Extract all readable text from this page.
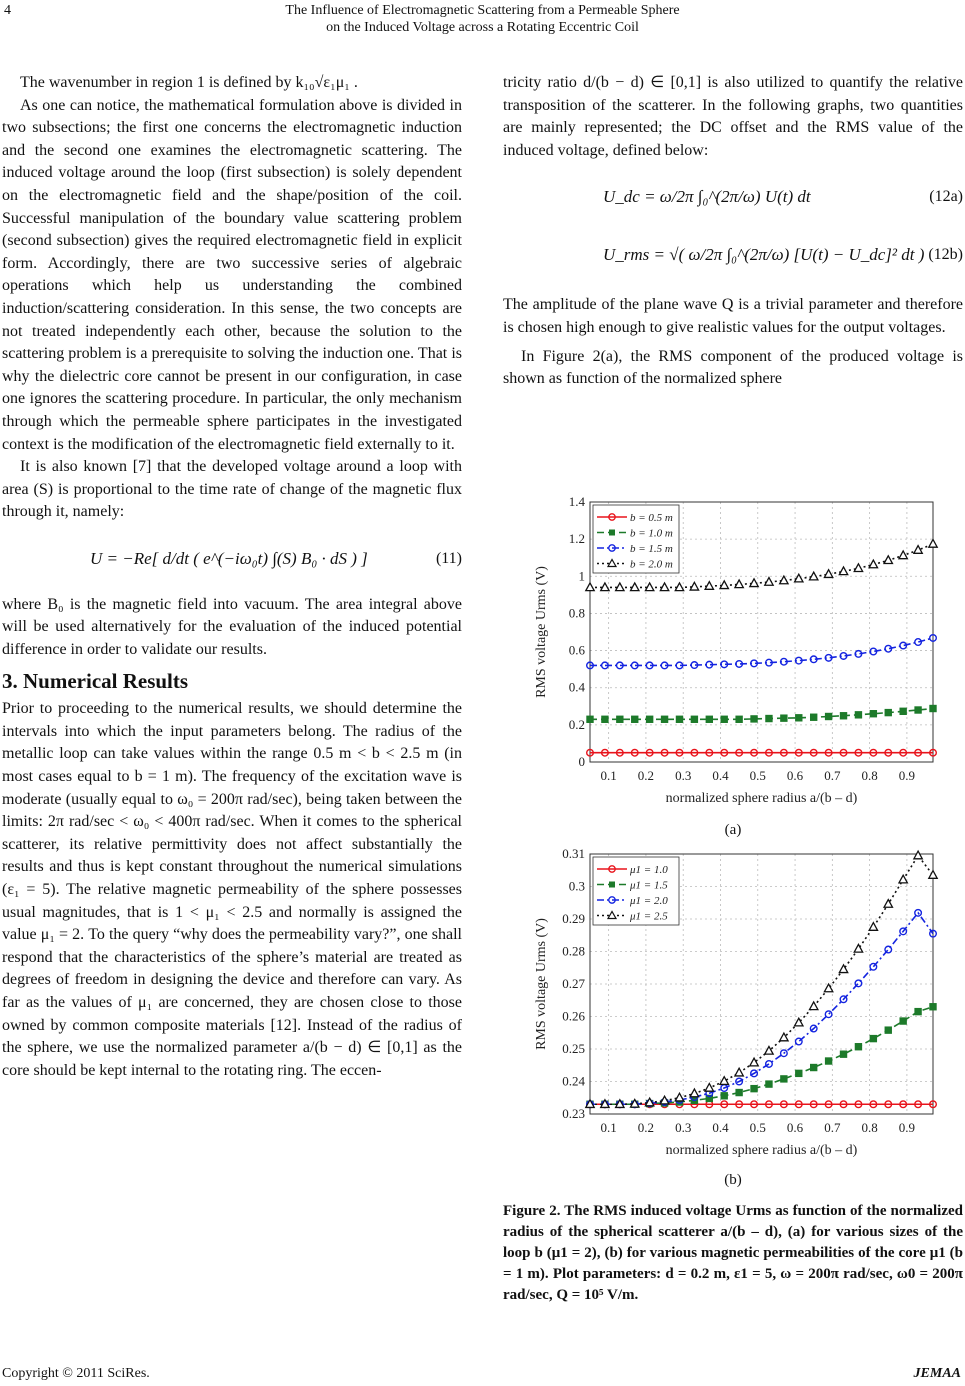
4	The Influence of Electromagnetic Scattering from a Permeable Sphere
on the Induced Voltage across a Rotating Eccentric Coil

The wavenumber in region 1 is defined by k₁₀√ε₁μ₁ .

As one can notice, the mathematical formulation above is divided in two subsections; the first one concerns the electromagnetic induction and the second one examines the electromagnetic scattering. The induced voltage around the loop (first subsection) is solely dependent on the electromagnetic field and the shape/position of the coil. Successful manipulation of the boundary value scattering problem (second subsection) gives the required electromagnetic field in explicit form. Accordingly, there are two successive series of algebraic operations which help us understanding the combined induction/scattering consideration. In this sense, the two concepts are not treated independently each other, because the solution to the scattering problem is a prerequisite to solving the induction one. That is why the dielectric core cannot be present in our configuration, in case one ignores the scattering procedure. In particular, the only mechanism through which the permeable sphere participates in the investigated context is the modification of the electromagnetic field externally to it.

It is also known [7] that the developed voltage around a loop with area (S) is proportional to the time rate of change of the magnetic flux through it, namely:

U = −Re[ d/dt ( e^(−iω₀t) ∫(S) B₀ · dS ) ]	(11)

where B₀ is the magnetic field into vacuum. The area integral above will be used alternatively for the evaluation of the induced potential difference in order to validate our results.

3. Numerical Results

Prior to proceeding to the numerical results, we should determine the intervals into which the input parameters belong. The radius of the metallic loop can take values within the range 0.5 m < b < 2.5 m (in most cases equal to b = 1 m). The frequency of the excitation wave is moderate (usually equal to ω₀ = 200π rad/sec), being taken between the limits: 2π rad/sec < ω₀ < 400π rad/sec. When it comes to the spherical scatterer, its relative permittivity does not affect substantially the results and thus is kept constant throughout the numerical simulations (ε₁ = 5). The relative magnetic permeability of the sphere possesses usual magnitudes, that is 1 < μ₁ < 2.5 and normally is assigned the value μ₁ = 2. To the query “why does the permeability vary?”, one shall respond that the characteristics of the sphere’s material are treated as degrees of freedom in designing the device and therefore can vary. As far as the values of μ₁ are concerned, they are chosen close to those owned by common composite materials [12]. Instead of the radius of the sphere, we use the normalized parameter a/(b − d) ∈ [0,1] as the core should be kept internal to the rotating ring. The eccen-

tricity ratio d/(b − d) ∈ [0,1] is also utilized to quantify the relative transposition of the scatterer. In the following graphs, two quantities are mainly represented; the DC offset and the RMS value of the induced voltage, defined below:

U_dc = ω/2π ∫₀^(2π/ω) U(t) dt	(12a)
U_rms = √( ω/2π ∫₀^(2π/ω) [U(t) − U_dc]² dt ) (12b)

The amplitude of the plane wave Q is a trivial parameter and therefore is chosen high enough to give realistic values for the output voltages.

In Figure 2(a), the RMS component of the produced voltage is shown as function of the normalized sphere

0.1 0.2 0.3 0.4 0.5 0.6 0.7 0.8 0.9
0
0.2
0.4
0.6
0.8
1
1.2
1.4
normalized sphere radius a/(b – d)
RMS voltage Urms (V)
b = 0.5 m
b = 1.0 m
b = 1.5 m
b = 2.0 m
(a)
0.1 0.2 0.3 0.4 0.5 0.6 0.7 0.8 0.9
0.23
0.24
0.25
0.26
0.27
0.28
0.29
0.3
0.31
normalized sphere radius a/(b – d)
RMS voltage Urms (V)
μ1 = 1.0
μ1 = 1.5
μ1 = 2.0
μ1 = 2.5
(b)
Figure 2. The RMS induced voltage Urms as function of the normalized radius of the spherical scatterer a/(b – d), (a) for various sizes of the loop b (μ1 = 2), (b) for various magnetic permeabilities of the core μ1 (b = 1 m). Plot parameters: d = 0.2 m, ε1 = 5, ω = 200π rad/sec, ω0 = 200π rad/sec, Q = 10⁵ V/m.
Copyright © 2011 SciRes.	JEMAA
